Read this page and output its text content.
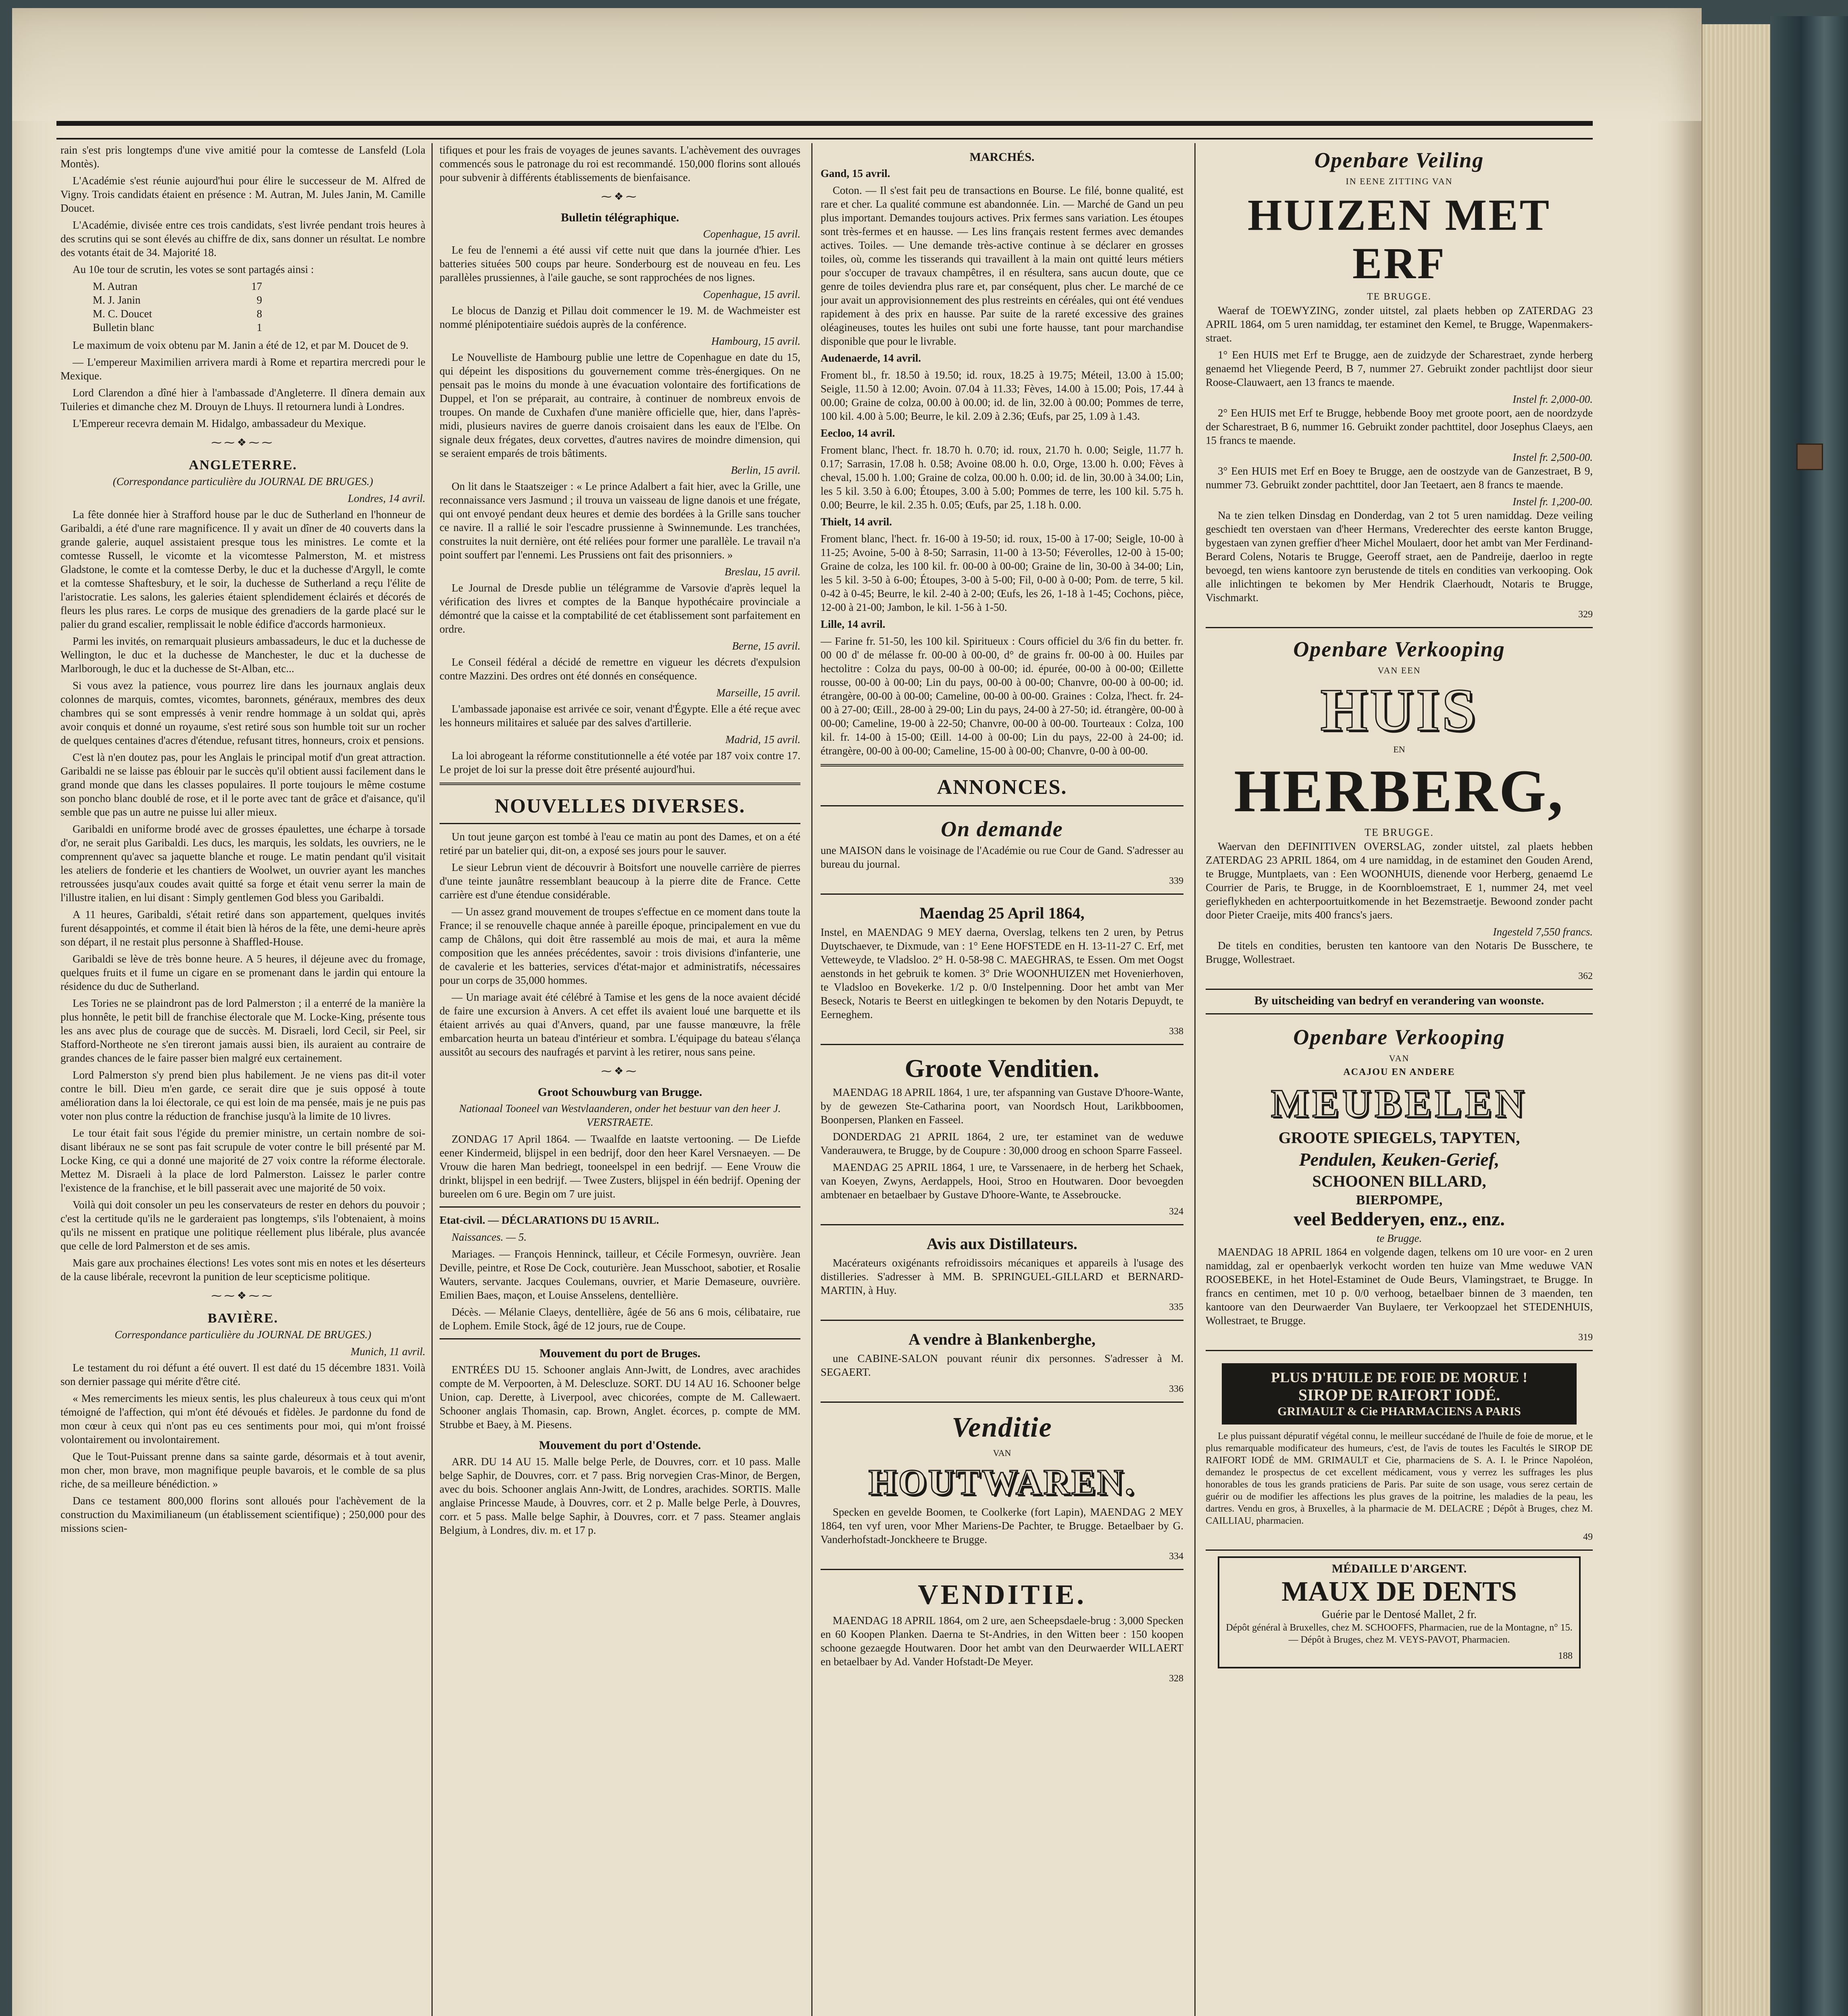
rain s'est pris longtemps d'une vive amitié pour la comtesse de Lansfeld (Lola Montès).

L'Académie s'est réunie aujourd'hui pour élire le successeur de M. Alfred de Vigny. Trois candidats étaient en présence : M. Autran, M. Jules Janin, M. Camille Doucet.

L'Académie, divisée entre ces trois candidats, s'est livrée pendant trois heures à des scrutins qui se sont élevés au chiffre de dix, sans donner un résultat. Le nombre des votants était de 34. Majorité 18.

Au 10e tour de scrutin, les votes se sont partagés ainsi :

M. Autran	17
M. J. Janin	9
M. C. Doucet	8
Bulletin blanc	1

Le maximum de voix obtenu par M. Janin a été de 12, et par M. Doucet de 9.

— L'empereur Maximilien arrivera mardi à Rome et repartira mercredi pour le Mexique.

Lord Clarendon a dîné hier à l'ambassade d'Angleterre. Il dînera demain aux Tuileries et dimanche chez M. Drouyn de Lhuys. Il retournera lundi à Londres.

L'Empereur recevra demain M. Hidalgo, ambassadeur du Mexique.

⁓⁓❖⁓⁓
ANGLETERRE.
(Correspondance particulière du JOURNAL DE BRUGES.)
Londres, 14 avril.

La fête donnée hier à Strafford house par le duc de Sutherland en l'honneur de Garibaldi, a été d'une rare magnificence. Il y avait un dîner de 40 couverts dans la grande galerie, auquel assistaient presque tous les ministres. Le comte et la comtesse Russell, le vicomte et la vicomtesse Palmerston, M. et mistress Gladstone, le comte et la comtesse Derby, le duc et la duchesse d'Argyll, le comte et la comtesse Shaftesbury, et le soir, la duchesse de Sutherland a reçu l'élite de l'aristocratie. Les salons, les galeries étaient splendidement éclairés et décorés de fleurs les plus rares. Le corps de musique des grenadiers de la garde placé sur le palier du grand escalier, remplissait le noble édifice d'accords harmonieux.

Parmi les invités, on remarquait plusieurs ambassadeurs, le duc et la duchesse de Wellington, le duc et la duchesse de Manchester, le duc et la duchesse de Marlborough, le duc et la duchesse de St-Alban, etc...

Si vous avez la patience, vous pourrez lire dans les journaux anglais deux colonnes de marquis, comtes, vicomtes, baronnets, généraux, membres des deux chambres qui se sont empressés à venir rendre hommage à un soldat qui, après avoir conquis et donné un royaume, s'est retiré sous son humble toit sur un rocher de quelques centaines d'acres d'étendue, refusant titres, honneurs, croix et pensions.

C'est là n'en doutez pas, pour les Anglais le principal motif d'un great attraction. Garibaldi ne se laisse pas éblouir par le succès qu'il obtient aussi facilement dans le grand monde que dans les classes populaires. Il porte toujours le même costume son poncho blanc doublé de rose, et il le porte avec tant de grâce et d'aisance, qu'il semble que pas un autre ne puisse lui aller mieux.

Garibaldi en uniforme brodé avec de grosses épaulettes, une écharpe à torsade d'or, ne serait plus Garibaldi. Les ducs, les marquis, les soldats, les ouvriers, ne le comprennent qu'avec sa jaquette blanche et rouge. Le matin pendant qu'il visitait les ateliers de fonderie et les chantiers de Woolwet, un ouvrier ayant les manches retroussées jusqu'aux coudes avait quitté sa forge et était venu serrer la main de l'illustre italien, en lui disant : Simply gentlemen God bless you Garibaldi.

A 11 heures, Garibaldi, s'était retiré dans son appartement, quelques invités furent désappointés, et comme il était bien là héros de la fête, une demi-heure après son départ, il ne restait plus personne à Shaffled-House.

Garibaldi se lève de très bonne heure. A 5 heures, il déjeune avec du fromage, quelques fruits et il fume un cigare en se promenant dans le jardin qui entoure la résidence du duc de Sutherland.

Les Tories ne se plaindront pas de lord Palmerston ; il a enterré de la manière la plus honnête, le petit bill de franchise électorale que M. Locke-King, présente tous les ans avec plus de courage que de succès. M. Disraeli, lord Cecil, sir Peel, sir Stafford-Northeote ne s'en tireront jamais aussi bien, ils auraient au contraire de grandes chances de le faire passer bien malgré eux certainement.

Lord Palmerston s'y prend bien plus habilement. Je ne viens pas dit-il voter contre le bill. Dieu m'en garde, ce serait dire que je suis opposé à toute amélioration dans la loi électorale, ce qui est loin de ma pensée, mais je ne puis pas voter non plus contre la réduction de franchise jusqu'à la limite de 10 livres.

Le tour était fait sous l'égide du premier ministre, un certain nombre de soi-disant libéraux ne se sont pas fait scrupule de voter contre le bill présenté par M. Locke King, ce qui a donné une majorité de 27 voix contre la réforme électorale. Mettez M. Disraeli à la place de lord Palmerston. Laissez le parler contre l'existence de la franchise, et le bill passerait avec une majorité de 50 voix.

Voilà qui doit consoler un peu les conservateurs de rester en dehors du pouvoir ; c'est la certitude qu'ils ne le garderaient pas longtemps, s'ils l'obtenaient, à moins qu'ils ne missent en pratique une politique réellement plus libérale, plus avancée que celle de lord Palmerston et de ses amis.

Mais gare aux prochaines élections! Les votes sont mis en notes et les déserteurs de la cause libérale, recevront la punition de leur scepticisme politique.

⁓⁓❖⁓⁓
BAVIÈRE.
Correspondance particulière du JOURNAL DE BRUGES.)
Munich, 11 avril.

Le testament du roi défunt a été ouvert. Il est daté du 15 décembre 1831. Voilà son dernier passage qui mérite d'être cité.

« Mes remerciments les mieux sentis, les plus chaleureux à tous ceux qui m'ont témoigné de l'affection, qui m'ont été dévoués et fidèles. Je pardonne du fond de mon cœur à ceux qui n'ont pas eu ces sentiments pour moi, qui m'ont froissé volontairement ou involontairement.

Que le Tout-Puissant prenne dans sa sainte garde, désormais et à tout avenir, mon cher, mon brave, mon magnifique peuple bavarois, et le comble de sa plus riche, de sa meilleure bénédiction. »

Dans ce testament 800,000 florins sont alloués pour l'achèvement de la construction du Maximilianeum (un établissement scientifique) ; 250,000 pour des missions scien-

tifiques et pour les frais de voyages de jeunes savants. L'achèvement des ouvrages commencés sous le patronage du roi est recommandé. 150,000 florins sont alloués pour subvenir à différents établissements de bienfaisance.

⁓❖⁓
Bulletin télégraphique.
Copenhague, 15 avril.

Le feu de l'ennemi a été aussi vif cette nuit que dans la journée d'hier. Les batteries situées 500 coups par heure. Sonderbourg est de nouveau en feu. Les parallèles prussiennes, à l'aile gauche, se sont rapprochées de nos lignes.

Copenhague, 15 avril.

Le blocus de Danzig et Pillau doit commencer le 19. M. de Wachmeister est nommé plénipotentiaire suédois auprès de la conférence.

Hambourg, 15 avril.

Le Nouvelliste de Hambourg publie une lettre de Copenhague en date du 15, qui dépeint les dispositions du gouvernement comme très-énergiques. On ne pensait pas le moins du monde à une évacuation volontaire des fortifications de Duppel, et l'on se préparait, au contraire, à continuer de nombreux envois de troupes. On mande de Cuxhafen d'une manière officielle que, hier, dans l'après-midi, plusieurs navires de guerre danois croisaient dans les eaux de l'Elbe. On signale deux frégates, deux corvettes, d'autres navires de moindre dimension, qui se seraient emparés de trois bâtiments.

Berlin, 15 avril.

On lit dans le Staatszeiger : « Le prince Adalbert a fait hier, avec la Grille, une reconnaissance vers Jasmund ; il trouva un vaisseau de ligne danois et une frégate, qui ont envoyé pendant deux heures et demie des bordées à la Grille sans toucher ce navire. Il a rallié le soir l'escadre prussienne à Swinnemunde. Les tranchées, construites la nuit dernière, ont été reliées pour former une parallèle. Le travail n'a point souffert par l'ennemi. Les Prussiens ont fait des prisonniers. »

Breslau, 15 avril.

Le Journal de Dresde publie un télégramme de Varsovie d'après lequel la vérification des livres et comptes de la Banque hypothécaire provinciale a démontré que la caisse et la comptabilité de cet établissement sont parfaitement en ordre.

Berne, 15 avril.

Le Conseil fédéral a décidé de remettre en vigueur les décrets d'expulsion contre Mazzini. Des ordres ont été donnés en conséquence.

Marseille, 15 avril.

L'ambassade japonaise est arrivée ce soir, venant d'Égypte. Elle a été reçue avec les honneurs militaires et saluée par des salves d'artillerie.

Madrid, 15 avril.

La loi abrogeant la réforme constitutionnelle a été votée par 187 voix contre 17. Le projet de loi sur la presse doit être présenté aujourd'hui.

NOUVELLES DIVERSES.

Un tout jeune garçon est tombé à l'eau ce matin au pont des Dames, et on a été retiré par un batelier qui, dit-on, a exposé ses jours pour le sauver.

Le sieur Lebrun vient de découvrir à Boitsfort une nouvelle carrière de pierres d'une teinte jaunâtre ressemblant beaucoup à la pierre dite de France. Cette carrière est d'une étendue considérable.

— Un assez grand mouvement de troupes s'effectue en ce moment dans toute la France; il se renouvelle chaque année à pareille époque, principalement en vue du camp de Châlons, qui doit être rassemblé au mois de mai, et aura la même composition que les années précédentes, savoir : trois divisions d'infanterie, une de cavalerie et les batteries, services d'état-major et administratifs, nécessaires pour un corps de 35,000 hommes.

— Un mariage avait été célébré à Tamise et les gens de la noce avaient décidé de faire une excursion à Anvers. A cet effet ils avaient loué une barquette et ils étaient arrivés au quai d'Anvers, quand, par une fausse manœuvre, la frêle embarcation heurta un bateau d'intérieur et sombra. L'équipage du bateau s'élança aussitôt au secours des naufragés et parvint à les retirer, nous sans peine.

⁓❖⁓
Groot Schouwburg van Brugge.
Nationaal Tooneel van Westvlaanderen, onder het bestuur van den heer J. VERSTRAETE.

ZONDAG 17 April 1864. — Twaalfde en laatste vertooning. — De Liefde eener Kindermeid, blijspel in een bedrijf, door den heer Karel Versnaeyen. — De Vrouw die haren Man bedriegt, tooneelspel in een bedrijf. — Eene Vrouw die drinkt, blijspel in een bedrijf. — Twee Zusters, blijspel in één bedrijf. Opening der bureelen om 6 ure. Begin om 7 ure juist.

Etat-civil. — DÉCLARATIONS DU 15 AVRIL.

Naissances. — 5.

Mariages. — François Henninck, tailleur, et Cécile Formesyn, ouvrière. Jean Deville, peintre, et Rose De Cock, couturière. Jean Musschoot, sabotier, et Rosalie Wauters, servante. Jacques Coulemans, ouvrier, et Marie Demaseure, ouvrière. Emilien Baes, maçon, et Louise Ansselens, dentellière.

Décès. — Mélanie Claeys, dentellière, âgée de 56 ans 6 mois, célibataire, rue de Lophem. Emile Stock, âgé de 12 jours, rue de Coupe.

Mouvement du port de Bruges.

ENTRÉES DU 15. Schooner anglais Ann-Jwitt, de Londres, avec arachides compte de M. Verpoorten, à M. Delescluze. SORT. DU 14 AU 16. Schooner belge Union, cap. Derette, à Liverpool, avec chicorées, compte de M. Callewaert. Schooner anglais Thomasin, cap. Brown, Anglet. écorces, p. compte de MM. Strubbe et Baey, à M. Piesens.

Mouvement du port d'Ostende.

ARR. DU 14 AU 15. Malle belge Perle, de Douvres, corr. et 10 pass. Malle belge Saphir, de Douvres, corr. et 7 pass. Brig norvegien Cras-Minor, de Bergen, avec du bois. Schooner anglais Ann-Jwitt, de Londres, arachides. SORTIS. Malle anglaise Princesse Maude, à Douvres, corr. et 2 p. Malle belge Perle, à Douvres, corr. et 5 pass. Malle belge Saphir, à Douvres, corr. et 7 pass. Steamer anglais Belgium, à Londres, div. m. et 17 p.

MARCHÉS.

Gand, 15 avril.

Coton. — Il s'est fait peu de transactions en Bourse. Le filé, bonne qualité, est rare et cher. La qualité commune est abandonnée. Lin. — Marché de Gand un peu plus important. Demandes toujours actives. Prix fermes sans variation. Les étoupes sont très-fermes et en hausse. — Les lins français restent fermes avec demandes actives. Toiles. — Une demande très-active continue à se déclarer en grosses toiles, où, comme les tisserands qui travaillent à la main ont quitté leurs métiers pour s'occuper de travaux champêtres, il en résultera, sans aucun doute, que ce genre de toiles deviendra plus rare et, par conséquent, plus cher. Le marché de ce jour avait un approvisionnement des plus restreints en céréales, qui ont été vendues rapidement à des prix en hausse. Par suite de la rareté excessive des graines oléagineuses, toutes les huiles ont subi une forte hausse, tant pour marchandise disponible que pour le livrable.

Audenaerde, 14 avril.

Froment bl., fr. 18.50 à 19.50; id. roux, 18.25 à 19.75; Méteil, 13.00 à 15.00; Seigle, 11.50 à 12.00; Avoin. 07.04 à 11.33; Fèves, 14.00 à 15.00; Pois, 17.44 à 00.00; Graine de colza, 00.00 à 00.00; id. de lin, 32.00 à 00.00; Pommes de terre, 100 kil. 4.00 à 5.00; Beurre, le kil. 2.09 à 2.36; Œufs, par 25, 1.09 à 1.43.

Eecloo, 14 avril.

Froment blanc, l'hect. fr. 18.70 h. 0.70; id. roux, 21.70 h. 0.00; Seigle, 11.77 h. 0.17; Sarrasin, 17.08 h. 0.58; Avoine 08.00 h. 0.0, Orge, 13.00 h. 0.00; Fèves à cheval, 15.00 h. 1.00; Graine de colza, 00.00 h. 0.00; id. de lin, 30.00 à 34.00; Lin, les 5 kil. 3.50 à 6.00; Étoupes, 3.00 à 5.00; Pommes de terre, les 100 kil. 5.75 h. 0.00; Beurre, le kil. 2.35 h. 0.05; Œufs, par 25, 1.18 h. 0.00.

Thielt, 14 avril.

Froment blanc, l'hect. fr. 16-00 à 19-50; id. roux, 15-00 à 17-00; Seigle, 10-00 à 11-25; Avoine, 5-00 à 8-50; Sarrasin, 11-00 à 13-50; Féverolles, 12-00 à 15-00; Graine de colza, les 100 kil. fr. 00-00 à 00-00; Graine de lin, 30-00 à 34-00; Lin, les 5 kil. 3-50 à 6-00; Étoupes, 3-00 à 5-00; Fil, 0-00 à 0-00; Pom. de terre, 5 kil. 0-42 à 0-45; Beurre, le kil. 2-40 à 2-00; Œufs, les 26, 1-18 à 1-45; Cochons, pièce, 12-00 à 21-00; Jambon, le kil. 1-56 à 1-50.

Lille, 14 avril.

— Farine fr. 51-50, les 100 kil. Spiritueux : Cours officiel du 3/6 fin du better. fr. 00 00 d' de mélasse fr. 00-00 à 00-00, d° de grains fr. 00-00 à 00. Huiles par hectolitre : Colza du pays, 00-00 à 00-00; id. épurée, 00-00 à 00-00; Œillette rousse, 00-00 à 00-00; Lin du pays, 00-00 à 00-00; Chanvre, 00-00 à 00-00; id. étrangère, 00-00 à 00-00; Cameline, 00-00 à 00-00. Graines : Colza, l'hect. fr. 24-00 à 27-00; Œill., 28-00 à 29-00; Lin du pays, 24-00 à 27-50; id. étrangère, 00-00 à 00-00; Cameline, 19-00 à 22-50; Chanvre, 00-00 à 00-00. Tourteaux : Colza, 100 kil. fr. 14-00 à 15-00; Œill. 14-00 à 00-00; Lin du pays, 22-00 à 24-00; id. étrangère, 00-00 à 00-00; Cameline, 15-00 à 00-00; Chanvre, 0-00 à 00-00.

ANNONCES.
On demande

une MAISON dans le voisinage de l'Académie ou rue Cour de Gand. S'adresser au bureau du journal.

339
Maendag 25 April 1864,

Instel, en MAENDAG 9 MEY daerna, Overslag, telkens ten 2 uren, by Petrus Duytschaever, te Dixmude, van : 1° Eene HOFSTEDE en H. 13-11-27 C. Erf, met Vetteweyde, te Vladsloo. 2° H. 0-58-98 C. MAEGHRAS, te Essen. Om met Oogst aenstonds in het gebruik te komen. 3° Drie WOONHUIZEN met Hovenierhoven, te Vladsloo en Bovekerke. 1/2 p. 0/0 Instelpenning. Door het ambt van Mer Beseck, Notaris te Beerst en uitlegkingen te bekomen by den Notaris Depuydt, te Eerneghem.

338
Groote Venditien.

MAENDAG 18 APRIL 1864, 1 ure, ter afspanning van Gustave D'hoore-Wante, by de gewezen Ste-Catharina poort, van Noordsch Hout, Larikbboomen, Boonpersen, Planken en Fasseel.

DONDERDAG 21 APRIL 1864, 2 ure, ter estaminet van de weduwe Vanderauwera, te Brugge, by de Coupure : 30,000 droog en schoon Sparre Fasseel.

MAENDAG 25 APRIL 1864, 1 ure, te Varssenaere, in de herberg het Schaek, van Koeyen, Zwyns, Aerdappels, Hooi, Stroo en Houtwaren. Door bevoegden ambtenaer en betaelbaer by Gustave D'hoore-Wante, te Assebroucke.

324
Avis aux Distillateurs.

Macérateurs oxigénants refroidissoirs mécaniques et appareils à l'usage des distilleries. S'adresser à MM. B. SPRINGUEL-GILLARD et BERNARD-MARTIN, à Huy.

335
A vendre à Blankenberghe,

une CABINE-SALON pouvant réunir dix personnes. S'adresser à M. SEGAERT.

336
Venditie
VAN
HOUTWAREN.

Specken en gevelde Boomen, te Coolkerke (fort Lapin), MAENDAG 2 MEY 1864, ten vyf uren, voor Mher Mariens-De Pachter, te Brugge. Betaelbaer by G. Vanderhofstadt-Jonckheere te Brugge.

334
VENDITIE.

MAENDAG 18 APRIL 1864, om 2 ure, aen Scheepsdaele-brug : 3,000 Specken en 60 Koopen Planken. Daerna te St-Andries, in den Witten beer : 150 koopen schoone gezaegde Houtwaren. Door het ambt van den Deurwaerder WILLAERT en betaelbaer by Ad. Vander Hofstadt-De Meyer.

328
Openbare Veiling
IN EENE ZITTING VAN
HUIZEN MET ERF
TE BRUGGE.

Waeraf de TOEWYZING, zonder uitstel, zal plaets hebben op ZATERDAG 23 APRIL 1864, om 5 uren namiddag, ter estaminet den Kemel, te Brugge, Wapenmakers-straet.

1° Een HUIS met Erf te Brugge, aen de zuidzyde der Scharestraet, zynde herberg genaemd het Vliegende Peerd, B 7, nummer 27. Gebruikt zonder pachtlijst door sieur Roose-Clauwaert, aen 13 francs te maende.

Instel fr. 2,000-00.

2° Een HUIS met Erf te Brugge, hebbende Booy met groote poort, aen de noordzyde der Scharestraet, B 6, nummer 16. Gebruikt zonder pachttitel, door Josephus Claeys, aen 15 francs te maende.

Instel fr. 2,500-00.

3° Een HUIS met Erf en Boey te Brugge, aen de oostzyde van de Ganzestraet, B 9, nummer 73. Gebruikt zonder pachttitel, door Jan Teetaert, aen 8 francs te maende.

Instel fr. 1,200-00.

Na te zien telken Dinsdag en Donderdag, van 2 tot 5 uren namiddag. Deze veiling geschiedt ten overstaen van d'heer Hermans, Vrederechter des eerste kanton Brugge, bygestaen van zynen greffier d'heer Michel Moulaert, door het ambt van Mer Ferdinand-Berard Colens, Notaris te Brugge, Geeroff straet, aen de Pandreije, daerloo in regte bevoegd, ten wiens kantoore zyn berustende de titels en condities van verkooping. Ook alle inlichtingen te bekomen by Mer Hendrik Claerhoudt, Notaris te Brugge, Vischmarkt.

329
Openbare Verkooping
VAN EEN
HUIS
EN
HERBERG,
TE BRUGGE.

Waervan den DEFINITIVEN OVERSLAG, zonder uitstel, zal plaets hebben ZATERDAG 23 APRIL 1864, om 4 ure namiddag, in de estaminet den Gouden Arend, te Brugge, Muntplaets, van : Een WOONHUIS, dienende voor Herberg, genaemd Le Courrier de Paris, te Brugge, in de Koornbloemstraet, E 1, nummer 24, met veel gerieflykheden en achterpoortuitkomende in het Bezemstraetje. Bewoond zonder pacht door Pieter Craeije, mits 400 francs's jaers.

Ingesteld 7,550 francs.

De titels en condities, berusten ten kantoore van den Notaris De Busschere, te Brugge, Wollestraet.

362
By uitscheiding van bedryf en verandering van woonste.
Openbare Verkooping
VAN
ACAJOU EN ANDERE
MEUBELEN
GROOTE SPIEGELS, TAPYTEN,
Pendulen, Keuken-Gerief,
SCHOONEN BILLARD,
BIERPOMPE,
veel Bedderyen, enz., enz.
te Brugge.

MAENDAG 18 APRIL 1864 en volgende dagen, telkens om 10 ure voor- en 2 uren namiddag, zal er openbaerlyk verkocht worden ten huize van Mme weduwe VAN ROOSEBEKE, in het Hotel-Estaminet de Oude Beurs, Vlamingstraet, te Brugge. In francs en centimen, met 10 p. 0/0 verhoog, betaelbaer binnen de 3 maenden, ten kantoore van den Deurwaerder Van Buylaere, ter Verkoopzael het STEDENHUIS, Wollestraet, te Brugge.

319
PLUS D'HUILE DE FOIE DE MORUE !
SIROP DE RAIFORT IODÉ.
GRIMAULT & Cie PHARMACIENS A PARIS

Le plus puissant dépuratif végétal connu, le meilleur succédané de l'huile de foie de morue, et le plus remarquable modificateur des humeurs, c'est, de l'avis de toutes les Facultés le SIROP DE RAIFORT IODÉ de MM. GRIMAULT et Cie, pharmaciens de S. A. I. le Prince Napoléon, demandez le prospectus de cet excellent médicament, vous y verrez les suffrages les plus honorables de tous les grands praticiens de Paris. Par suite de son usage, vous serez certain de guérir ou de modifier les affections les plus graves de la poitrine, les maladies de la peau, les dartres. Vendu en gros, à Bruxelles, à la pharmacie de M. DELACRE ; Dépôt à Bruges, chez M. CAILLIAU, pharmacien.

49
MÉDAILLE D'ARGENT.
MAUX DE DENTS
Guérie par le Dentosé Mallet, 2 fr.

Dépôt général à Bruxelles, chez M. SCHOOFFS, Pharmacien, rue de la Montagne, n° 15. — Dépôt à Bruges, chez M. VEYS-PAVOT, Pharmacien.

188
